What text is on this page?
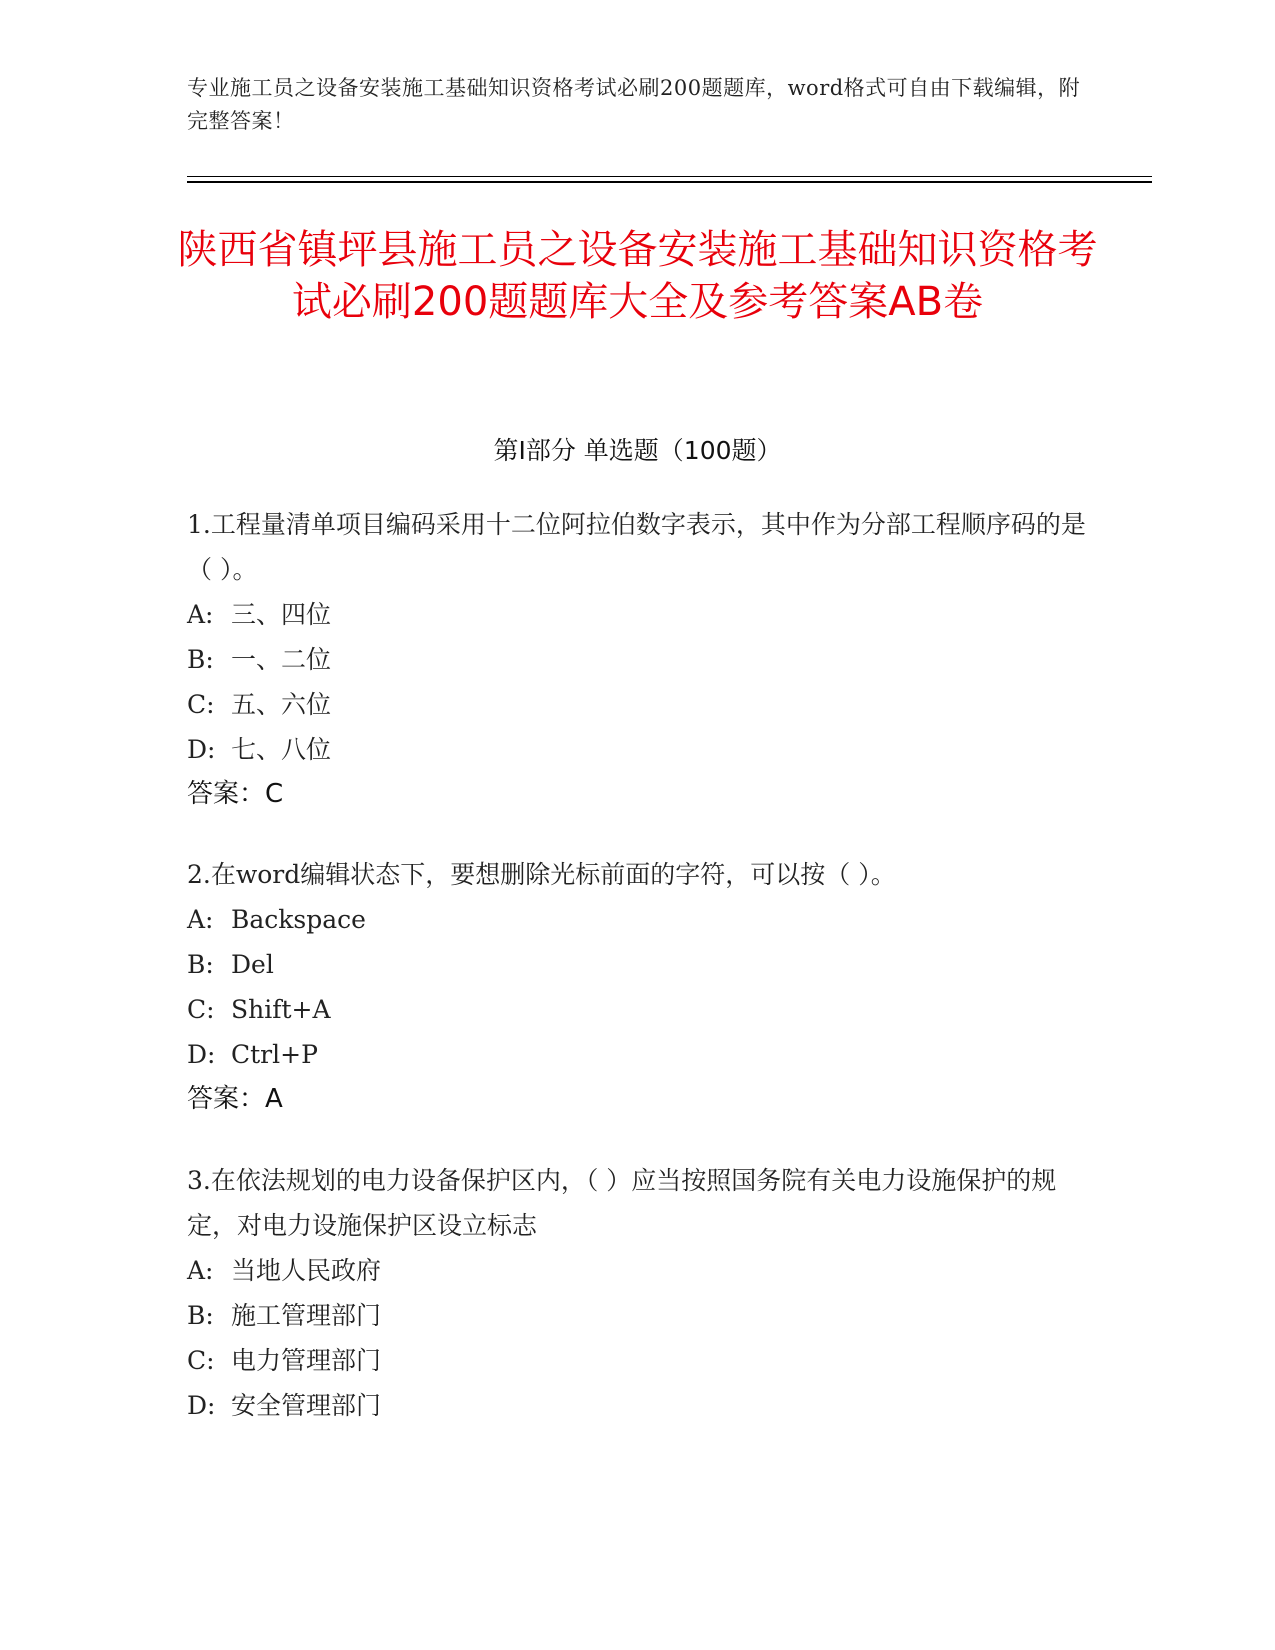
专业施工员之设备安装施工基础知识资格考试必刷200题题库，word格式可自由下载编辑，附完整答案！
陕西省镇坪县施工员之设备安装施工基础知识资格考试必刷200题题库大全及参考答案AB卷
第Ⅰ部分 单选题（100题）

1.工程量清单项目编码采用十二位阿拉伯数字表示，其中作为分部工程顺序码的是（ ）。

A: 三、四位

B: 一、二位

C: 五、六位

D: 七、八位

答案：C

2.在word编辑状态下，要想删除光标前面的字符，可以按（ ）。

A: Backspace

B: Del

C: Shift+A

D: Ctrl+P

答案：A

3.在依法规划的电力设备保护区内，（ ）应当按照国务院有关电力设施保护的规定，对电力设施保护区设立标志

A: 当地人民政府

B: 施工管理部门

C: 电力管理部门

D: 安全管理部门
